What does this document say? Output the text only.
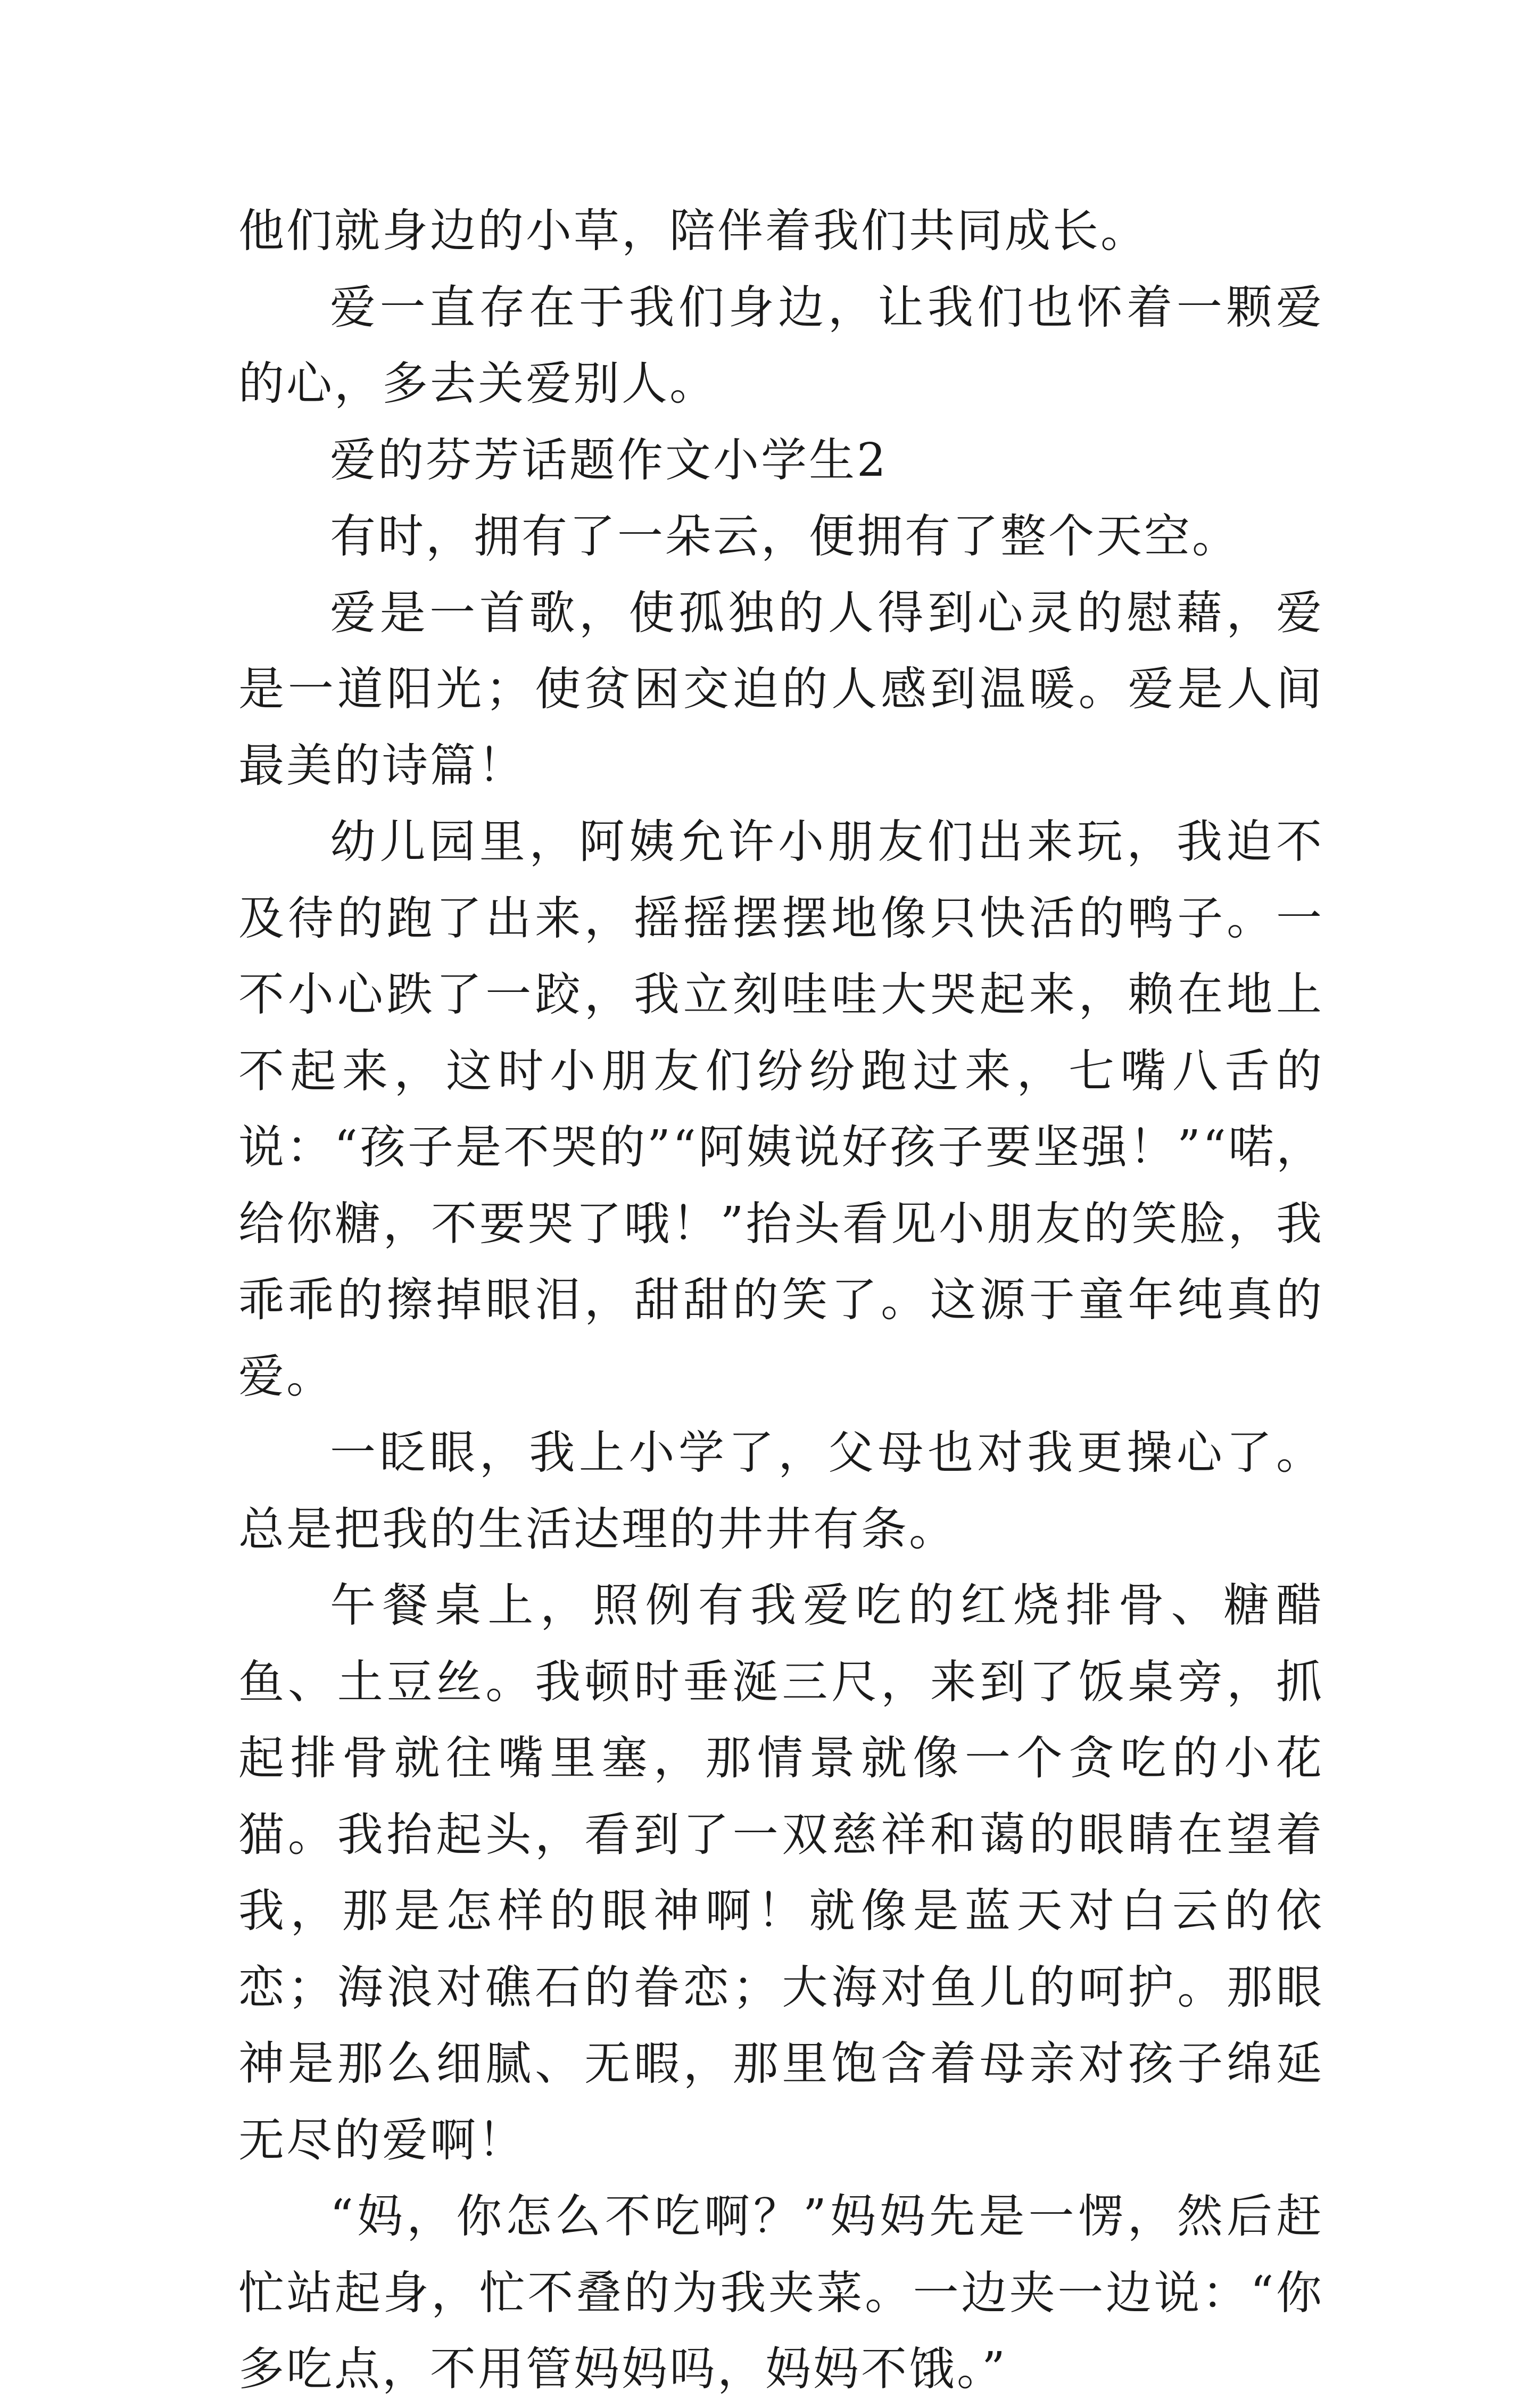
他们就身边的小草，陪伴着我们共同成长。

爱一直存在于我们身边，让我们也怀着一颗爱的心，多去关爱别人。

爱的芬芳话题作文小学生2

有时，拥有了一朵云，便拥有了整个天空。

爱是一首歌，使孤独的人得到心灵的慰藉，爱是一道阳光；使贫困交迫的人感到温暖。爱是人间最美的诗篇！

幼儿园里，阿姨允许小朋友们出来玩，我迫不及待的跑了出来，摇摇摆摆地像只快活的鸭子。一不小心跌了一跤，我立刻哇哇大哭起来，赖在地上不起来，这时小朋友们纷纷跑过来，七嘴八舌的说：“孩子是不哭的”“阿姨说好孩子要坚强！”“喏，给你糖，不要哭了哦！”抬头看见小朋友的笑脸，我乖乖的擦掉眼泪，甜甜的笑了。这源于童年纯真的爱。

一眨眼，我上小学了，父母也对我更操心了。总是把我的生活达理的井井有条。

午餐桌上，照例有我爱吃的红烧排骨、糖醋鱼、土豆丝。我顿时垂涎三尺，来到了饭桌旁，抓起排骨就往嘴里塞，那情景就像一个贪吃的小花猫。我抬起头，看到了一双慈祥和蔼的眼睛在望着我，那是怎样的眼神啊！就像是蓝天对白云的依恋；海浪对礁石的眷恋；大海对鱼儿的呵护。那眼神是那么细腻、无暇，那里饱含着母亲对孩子绵延无尽的爱啊！

“妈，你怎么不吃啊？”妈妈先是一愣，然后赶忙站起身，忙不叠的为我夹菜。一边夹一边说：“你多吃点，不用管妈妈吗，妈妈不饿。”
